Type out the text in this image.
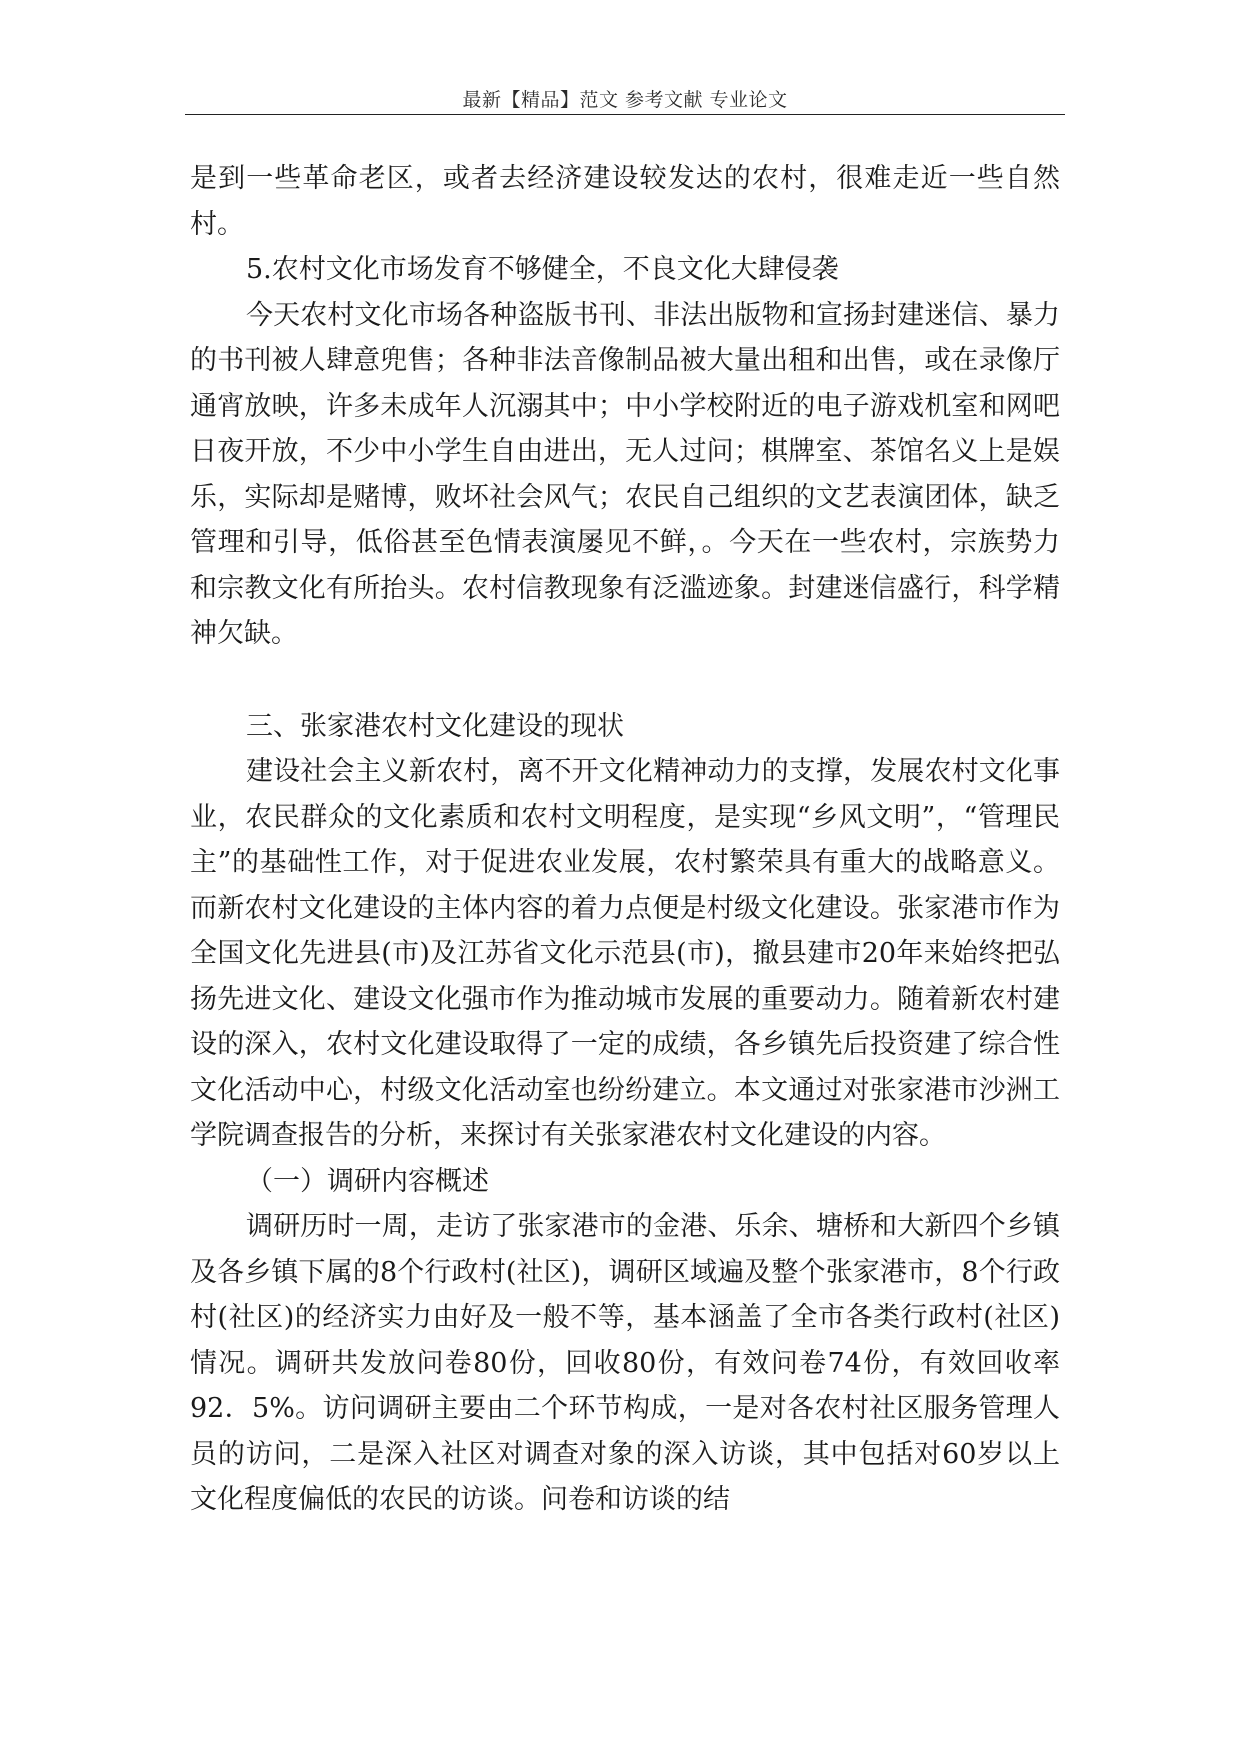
最新【精品】范文 参考文献 专业论文

是到一些革命老区，或者去经济建设较发达的农村，很难走近一些自然村。

5.农村文化市场发育不够健全，不良文化大肆侵袭

今天农村文化市场各种盗版书刊、非法出版物和宣扬封建迷信、暴力的书刊被人肆意兜售；各种非法音像制品被大量出租和出售，或在录像厅通宵放映，许多未成年人沉溺其中；中小学校附近的电子游戏机室和网吧日夜开放，不少中小学生自由进出，无人过问；棋牌室、茶馆名义上是娱乐，实际却是赌博，败坏社会风气；农民自己组织的文艺表演团体，缺乏管理和引导，低俗甚至色情表演屡见不鲜，。今天在一些农村，宗族势力和宗教文化有所抬头。农村信教现象有泛滥迹象。封建迷信盛行，科学精神欠缺。

三、张家港农村文化建设的现状

建设社会主义新农村，离不开文化精神动力的支撑，发展农村文化事业，农民群众的文化素质和农村文明程度，是实现“乡风文明”，“管理民主”的基础性工作，对于促进农业发展，农村繁荣具有重大的战略意义。而新农村文化建设的主体内容的着力点便是村级文化建设。张家港市作为全国文化先进县(市)及江苏省文化示范县(市)，撤县建市20年来始终把弘扬先进文化、建设文化强市作为推动城市发展的重要动力。随着新农村建设的深入，农村文化建设取得了一定的成绩，各乡镇先后投资建了综合性文化活动中心，村级文化活动室也纷纷建立。本文通过对张家港市沙洲工学院调查报告的分析，来探讨有关张家港农村文化建设的内容。

（一）调研内容概述

调研历时一周，走访了张家港市的金港、乐余、塘桥和大新四个乡镇及各乡镇下属的8个行政村(社区)，调研区域遍及整个张家港市，8个行政村(社区)的经济实力由好及一般不等，基本涵盖了全市各类行政村(社区)情况。调研共发放问卷80份，回收80份，有效问卷74份，有效回收率92．5%。访问调研主要由二个环节构成，一是对各农村社区服务管理人员的访问，二是深入社区对调查对象的深入访谈，其中包括对60岁以上文化程度偏低的农民的访谈。问卷和访谈的结
